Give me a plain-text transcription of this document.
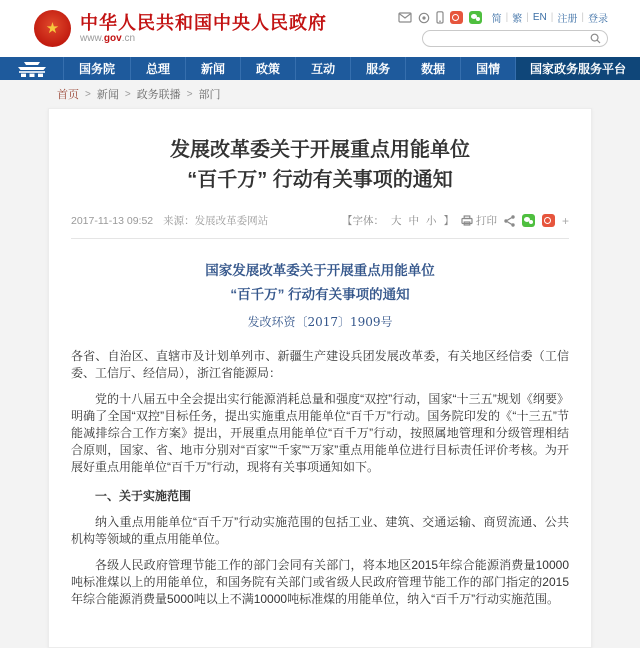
★	中华人民共和国中央人民政府
www.gov.cn
简 | 繁 | EN | 注册 | 登录
国务院	总理	新闻	政策	互动	服务	数据	国情	国家政务服务平台
首页 > 新闻 > 政务联播 > 部门
发展改革委关于开展重点用能单位
“百千万” 行动有关事项的通知
2017-11-13 09:52 来源：发展改革委网站	【字体： 大 中 小 】 打印	+
国家发展改革委关于开展重点用能单位
“百千万” 行动有关事项的通知
发改环资〔2017〕1909号

各省、自治区、直辖市及计划单列市、新疆生产建设兵团发展改革委，有关地区经信委（工信委、工信厅、经信局），浙江省能源局：

党的十八届五中全会提出实行能源消耗总量和强度“双控”行动，国家“十三五”规划《纲要》明确了全国“双控”目标任务，提出实施重点用能单位“百千万”行动。国务院印发的《“十三五”节能减排综合工作方案》提出，开展重点用能单位“百千万”行动，按照属地管理和分级管理相结合原则，国家、省、地市分别对“百家”“千家”“万家”重点用能单位进行目标责任评价考核。为开展好重点用能单位“百千万”行动，现将有关事项通知如下。

一、关于实施范围

纳入重点用能单位“百千万”行动实施范围的包括工业、建筑、交通运输、商贸流通、公共机构等领域的重点用能单位。

各级人民政府管理节能工作的部门会同有关部门，将本地区2015年综合能源消费量10000吨标准煤以上的用能单位，和国务院有关部门或省级人民政府管理节能工作的部门指定的2015年综合能源消费量5000吨以上不满10000吨标准煤的用能单位，纳入“百千万”行动实施范围。
